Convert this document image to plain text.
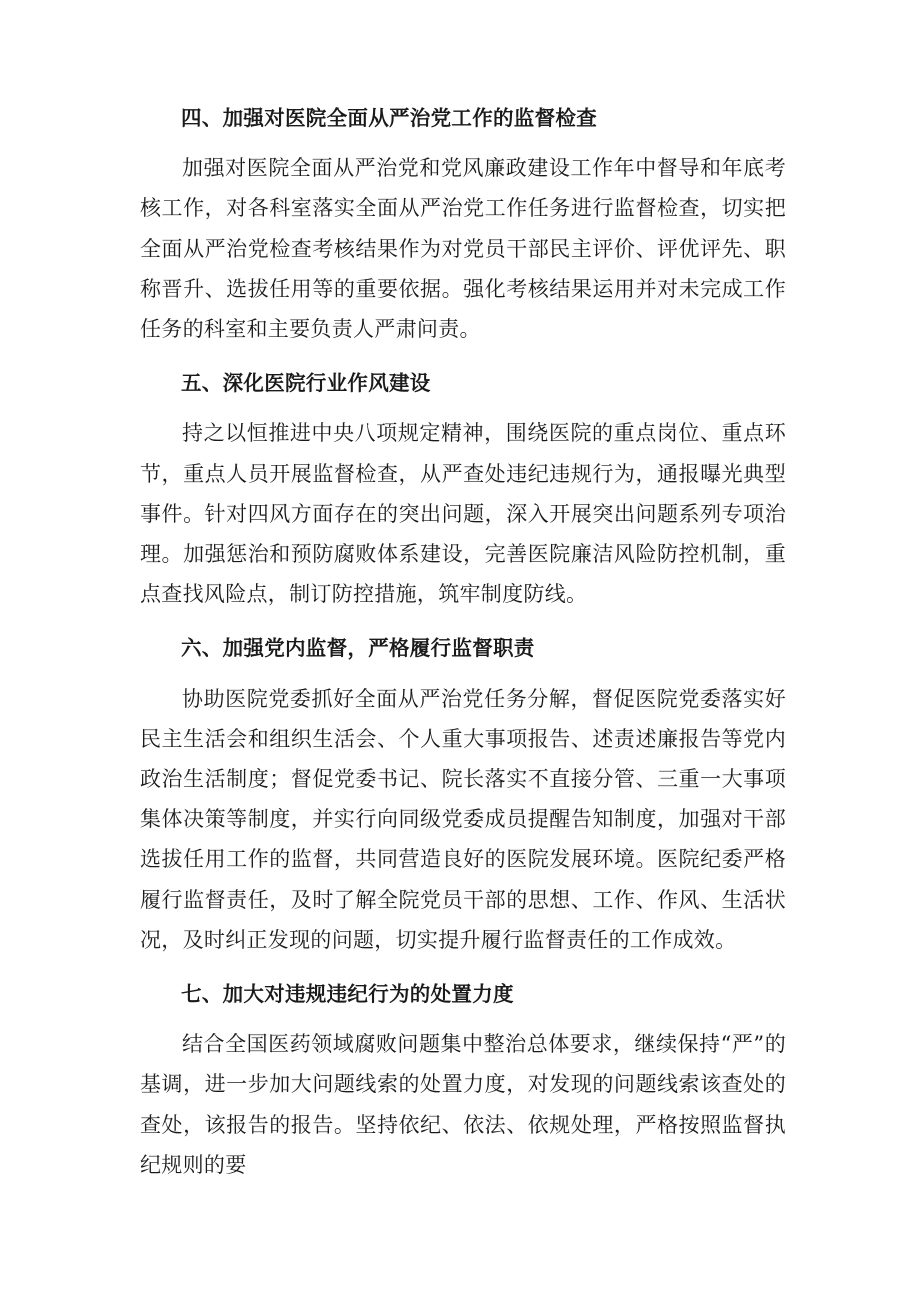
四、加强对医院全面从严治党工作的监督检查
加强对医院全面从严治党和党风廉政建设工作年中督导和年底考核工作，对各科室落实全面从严治党工作任务进行监督检查，切实把全面从严治党检查考核结果作为对党员干部民主评价、评优评先、职称晋升、选拔任用等的重要依据。强化考核结果运用并对未完成工作任务的科室和主要负责人严肃问责。
五、深化医院行业作风建设
持之以恒推进中央八项规定精神，围绕医院的重点岗位、重点环节，重点人员开展监督检查，从严查处违纪违规行为，通报曝光典型事件。针对四风方面存在的突出问题，深入开展突出问题系列专项治理。加强惩治和预防腐败体系建设，完善医院廉洁风险防控机制，重点查找风险点，制订防控措施，筑牢制度防线。
六、加强党内监督，严格履行监督职责
协助医院党委抓好全面从严治党任务分解，督促医院党委落实好民主生活会和组织生活会、个人重大事项报告、述责述廉报告等党内政治生活制度；督促党委书记、院长落实不直接分管、三重一大事项集体决策等制度，并实行向同级党委成员提醒告知制度，加强对干部选拔任用工作的监督，共同营造良好的医院发展环境。医院纪委严格履行监督责任，及时了解全院党员干部的思想、工作、作风、生活状况，及时纠正发现的问题，切实提升履行监督责任的工作成效。
七、加大对违规违纪行为的处置力度
结合全国医药领域腐败问题集中整治总体要求，继续保持“严”的基调，进一步加大问题线索的处置力度，对发现的问题线索该查处的查处，该报告的报告。坚持依纪、依法、依规处理，严格按照监督执纪规则的要
